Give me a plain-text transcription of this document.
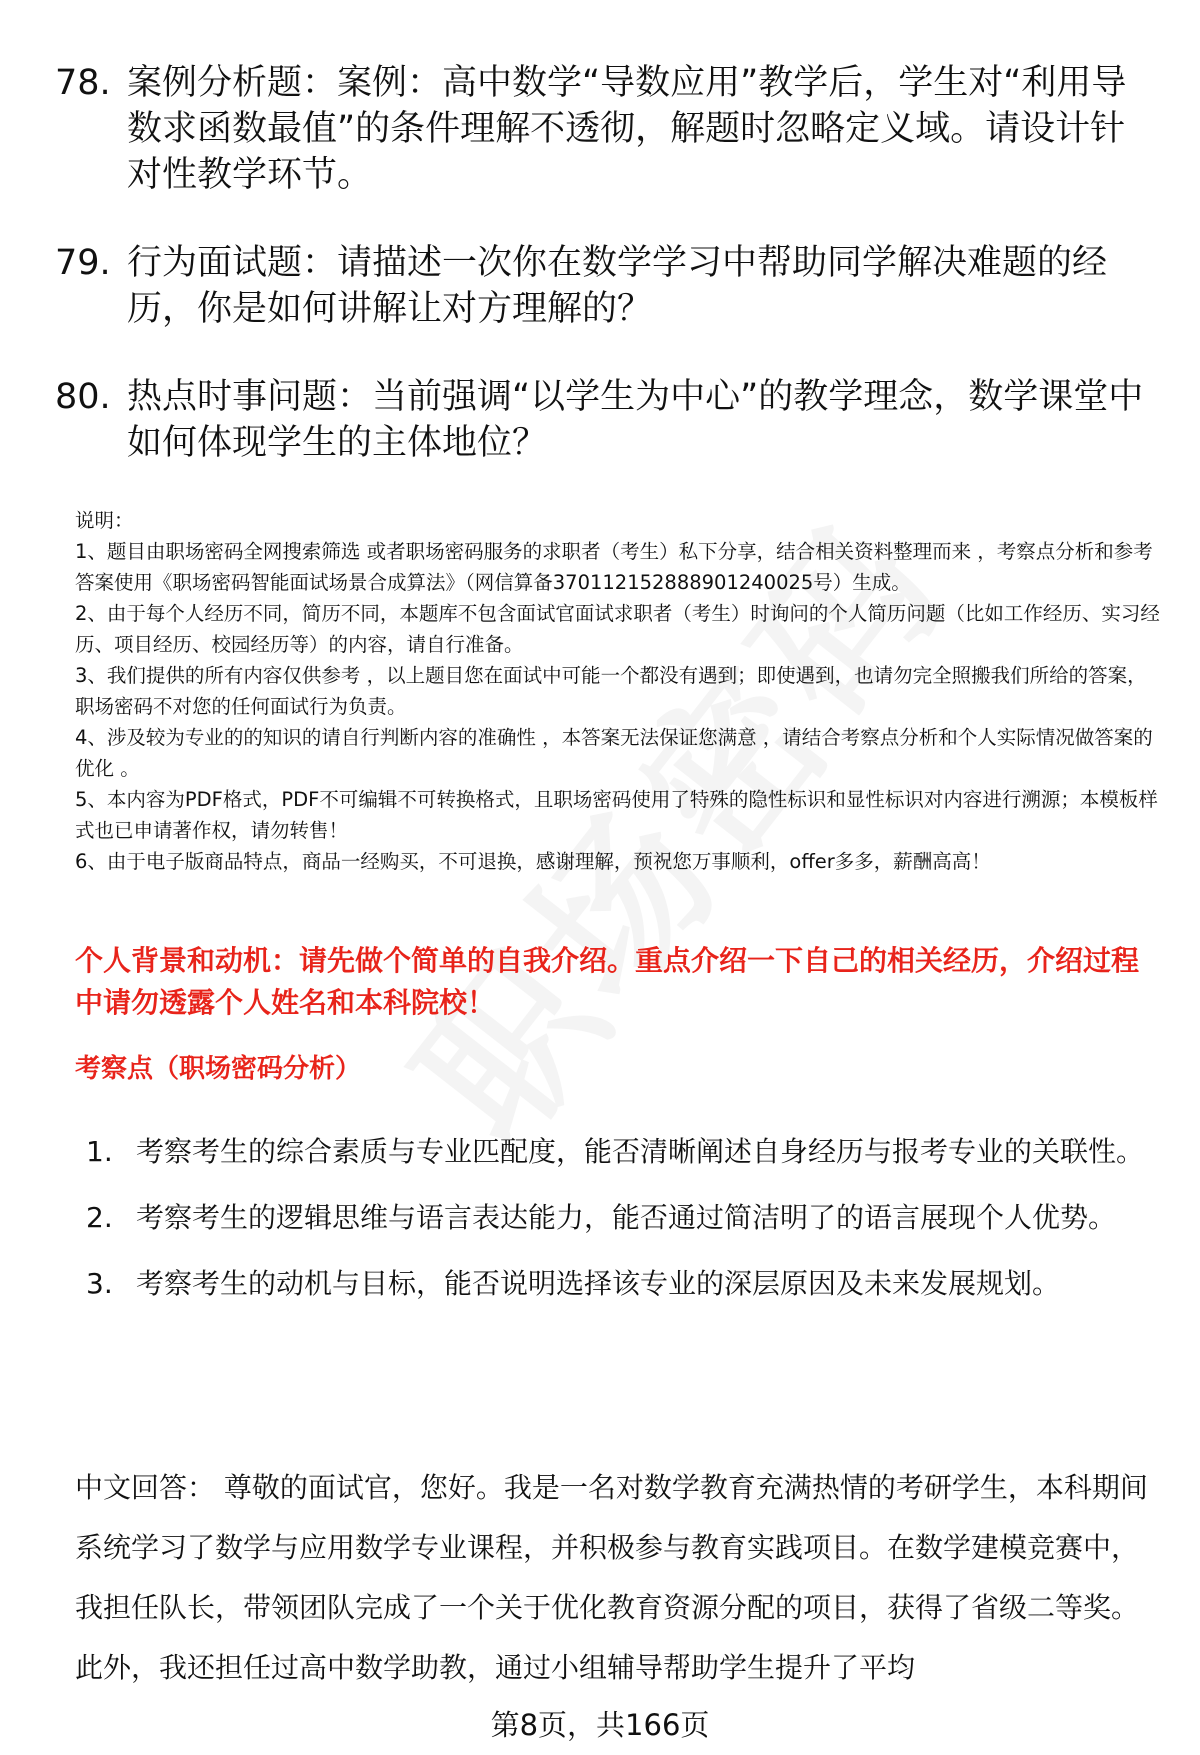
78. 案例分析题：案例：高中数学“导数应用”教学后，学生对“利用导数求函数最值”的条件理解不透彻，解题时忽略定义域。请设计针对性教学环节。
79. 行为面试题：请描述一次你在数学学习中帮助同学解决难题的经历，你是如何讲解让对方理解的？
80. 热点时事问题：当前强调“以学生为中心”的教学理念，数学课堂中如何体现学生的主体地位？

说明：

1、题目由职场密码全网搜索筛选 或者职场密码服务的求职者（考生）私下分享，结合相关资料整理而来 ，考察点分析和参考答案使用《职场密码智能面试场景合成算法》（网信算备370112152888901240025号）生成。

2、由于每个人经历不同，简历不同，本题库不包含面试官面试求职者（考生）时询问的个人简历问题（比如工作经历、实习经历、项目经历、校园经历等）的内容，请自行准备。

3、我们提供的所有内容仅供参考 ，以上题目您在面试中可能一个都没有遇到；即使遇到，也请勿完全照搬我们所给的答案，职场密码不对您的任何面试行为负责。

4、涉及较为专业的的知识的请自行判断内容的准确性 ，本答案无法保证您满意 ，请结合考察点分析和个人实际情况做答案的优化 。

5、本内容为PDF格式，PDF不可编辑不可转换格式，且职场密码使用了特殊的隐性标识和显性标识对内容进行溯源；本模板样式也已申请著作权，请勿转售！

6、由于电子版商品特点，商品一经购买，不可退换，感谢理解，预祝您万事顺利，offer多多，薪酬高高！

个人背景和动机：请先做个简单的自我介绍。重点介绍一下自己的相关经历，介绍过程中请勿透露个人姓名和本科院校！
考察点（职场密码分析）
1. 考察考生的综合素质与专业匹配度，能否清晰阐述自身经历与报考专业的关联性。
2. 考察考生的逻辑思维与语言表达能力，能否通过简洁明了的语言展现个人优势。
3. 考察考生的动机与目标，能否说明选择该专业的深层原因及未来发展规划。
中文回答： 尊敬的面试官，您好。我是一名对数学教育充满热情的考研学生，本科期间系统学习了数学与应用数学专业课程，并积极参与教育实践项目。在数学建模竞赛中，我担任队长，带领团队完成了一个关于优化教育资源分配的项目，获得了省级二等奖。此外，我还担任过高中数学助教，通过小组辅导帮助学生提升了平均
第8页，共166页
